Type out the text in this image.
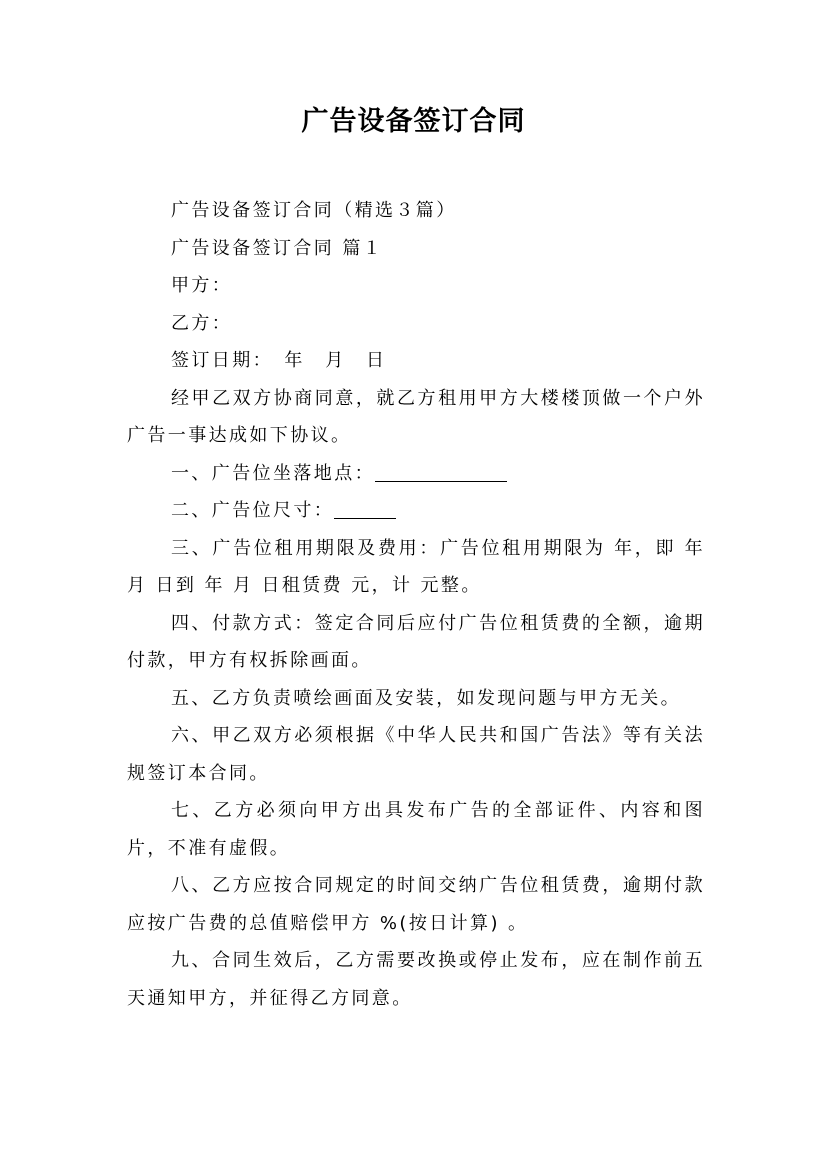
广告设备签订合同

广告设备签订合同（精选３篇）

广告设备签订合同 篇１

甲方：

乙方：

签订日期：　年　月　日

经甲乙双方协商同意，就乙方租用甲方大楼楼顶做一个户外广告一事达成如下协议。

一、广告位坐落地点：

二、广告位尺寸：

三、广告位租用期限及费用：广告位租用期限为 年，即 年 月 日到 年 月 日租赁费 元，计 元整。

四、付款方式：签定合同后应付广告位租赁费的全额，逾期付款，甲方有权拆除画面。

五、乙方负责喷绘画面及安装，如发现问题与甲方无关。

六、甲乙双方必须根据《中华人民共和国广告法》等有关法规签订本合同。

七、乙方必须向甲方出具发布广告的全部证件、内容和图片，不准有虚假。

八、乙方应按合同规定的时间交纳广告位租赁费，逾期付款应按广告费的总值赔偿甲方 %(按日计算) 。

九、合同生效后，乙方需要改换或停止发布，应在制作前五天通知甲方，并征得乙方同意。
